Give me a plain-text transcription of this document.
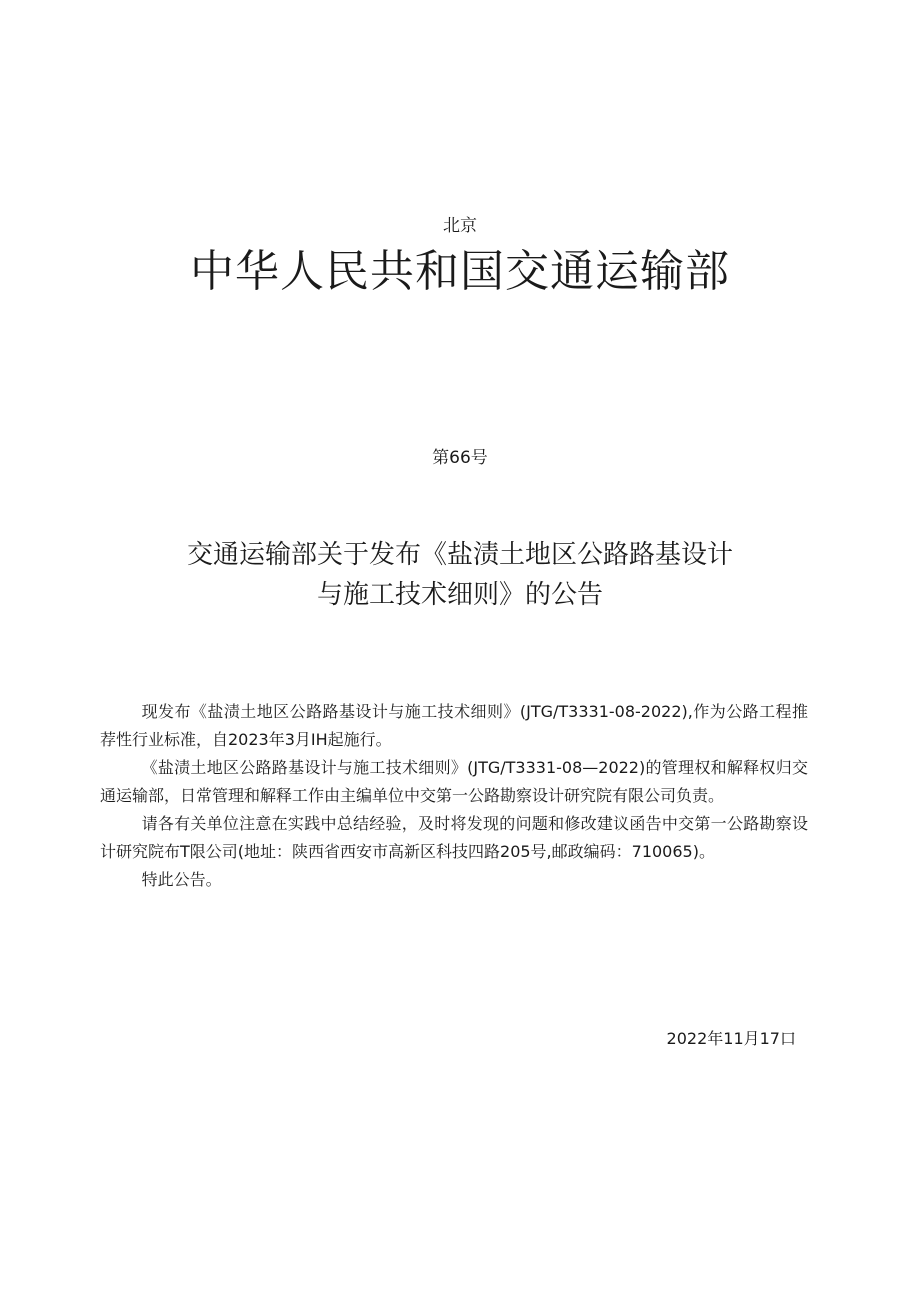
北京
中华人民共和国交通运输部
第66号
交通运输部关于发布《盐渍土地区公路路基设计
与施工技术细则》的公告

现发布《盐渍土地区公路路基设计与施工技术细则》(JTG/T3331-08-2022),作为公路工程推荐性行业标准，自2023年3月IH起施行。

《盐渍土地区公路路基设计与施工技术细则》(JTG/T3331-08—2022)的管理权和解释权归交通运输部，日常管理和解释工作由主编单位中交第一公路勘察设计研究院有限公司负责。

请各有关单位注意在实践中总结经验，及时将发现的问题和修改建议函告中交第一公路勘察设计研究院布T限公司(地址：陕西省西安市高新区科技四路205号,邮政编码：710065)。

特此公告。

2022年11月17口
